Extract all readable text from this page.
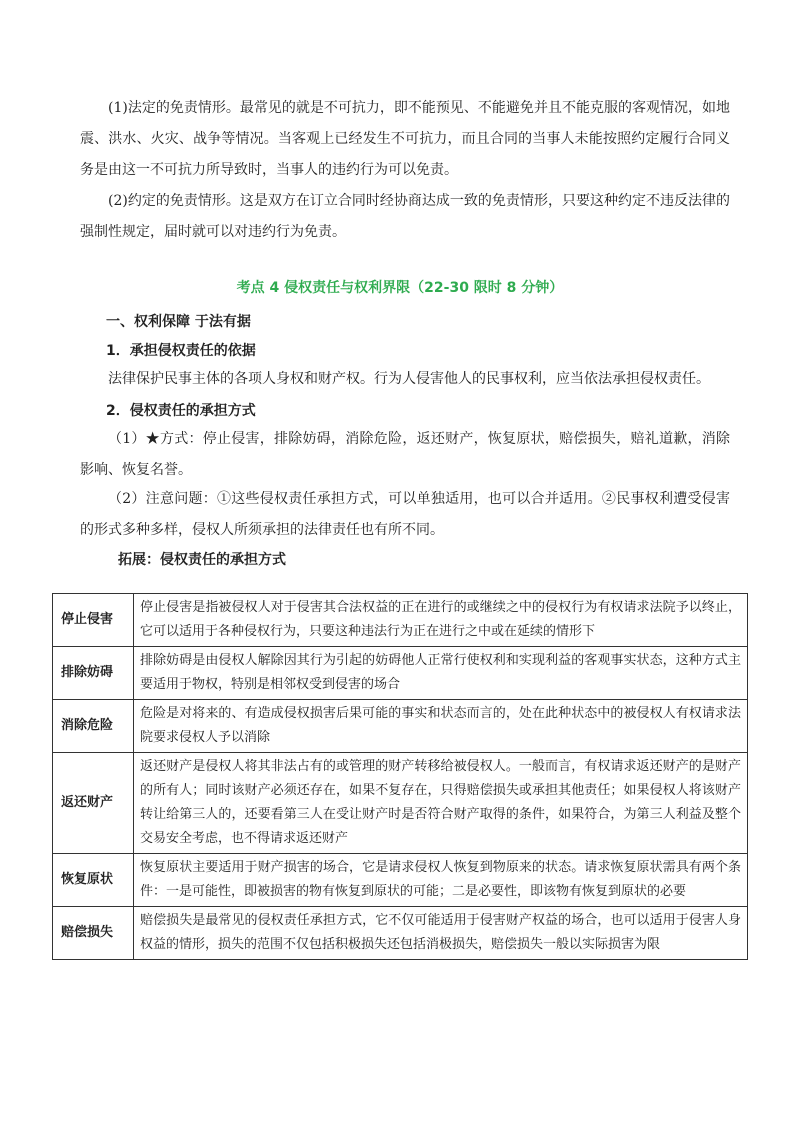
(1)法定的免责情形。最常见的就是不可抗力，即不能预见、不能避免并且不能克服的客观情况，如地震、洪水、火灾、战争等情况。当客观上已经发生不可抗力，而且合同的当事人未能按照约定履行合同义务是由这一不可抗力所导致时，当事人的违约行为可以免责。

(2)约定的免责情形。这是双方在订立合同时经协商达成一致的免责情形，只要这种约定不违反法律的强制性规定，届时就可以对违约行为免责。

考点 4 侵权责任与权利界限（22-30 限时 8 分钟）

一、权利保障 于法有据

1．承担侵权责任的依据

法律保护民事主体的各项人身权和财产权。行为人侵害他人的民事权利，应当依法承担侵权责任。

2．侵权责任的承担方式

（1）★方式：停止侵害，排除妨碍，消除危险，返还财产，恢复原状，赔偿损失，赔礼道歉，消除影响、恢复名誉。

（2）注意问题：①这些侵权责任承担方式，可以单独适用，也可以合并适用。②民事权利遭受侵害的形式多种多样，侵权人所须承担的法律责任也有所不同。

拓展：侵权责任的承担方式

停止侵害	停止侵害是指被侵权人对于侵害其合法权益的正在进行的或继续之中的侵权行为有权请求法院予以终止，它可以适用于各种侵权行为，只要这种违法行为正在进行之中或在延续的情形下
排除妨碍	排除妨碍是由侵权人解除因其行为引起的妨碍他人正常行使权利和实现利益的客观事实状态，这种方式主要适用于物权，特别是相邻权受到侵害的场合
消除危险	危险是对将来的、有造成侵权损害后果可能的事实和状态而言的，处在此种状态中的被侵权人有权请求法院要求侵权人予以消除
返还财产	返还财产是侵权人将其非法占有的或管理的财产转移给被侵权人。一般而言，有权请求返还财产的是财产的所有人；同时该财产必须还存在，如果不复存在，只得赔偿损失或承担其他责任；如果侵权人将该财产转让给第三人的，还要看第三人在受让财产时是否符合财产取得的条件，如果符合，为第三人利益及整个交易安全考虑，也不得请求返还财产
恢复原状	恢复原状主要适用于财产损害的场合，它是请求侵权人恢复到物原来的状态。请求恢复原状需具有两个条件：一是可能性，即被损害的物有恢复到原状的可能；二是必要性，即该物有恢复到原状的必要
赔偿损失	赔偿损失是最常见的侵权责任承担方式，它不仅可能适用于侵害财产权益的场合，也可以适用于侵害人身权益的情形，损失的范围不仅包括积极损失还包括消极损失，赔偿损失一般以实际损害为限
